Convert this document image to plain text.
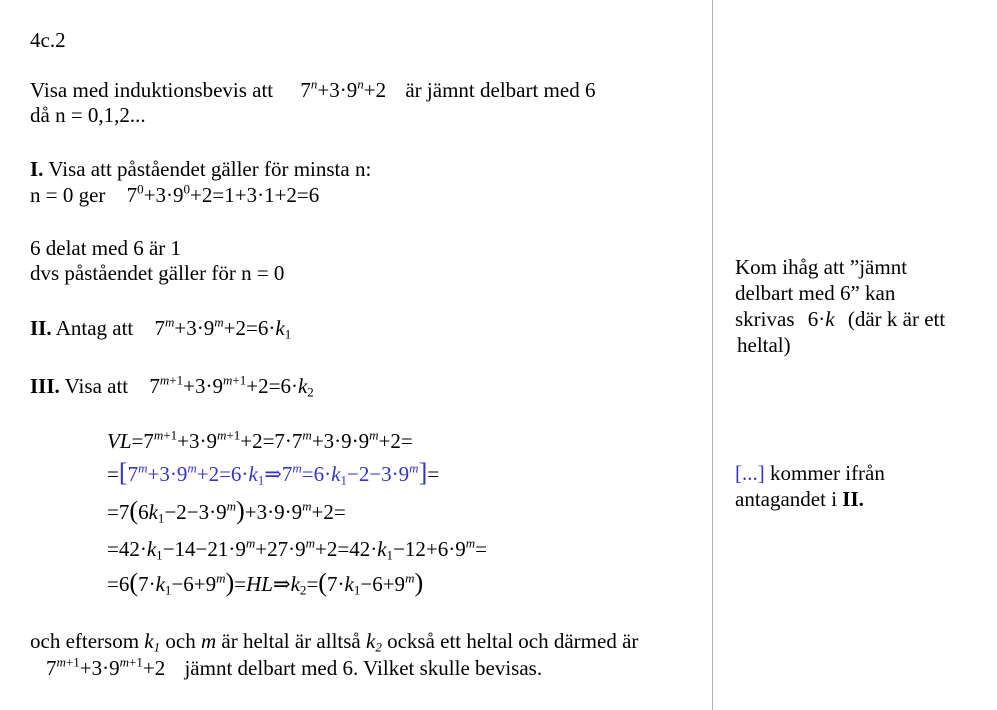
4c.2
Visa med induktionsbevis att $7^n+3\cdot 9^n+2$ är jämnt delbart med 6
då n = 0,1,2...
I. Visa att påståendet gäller för minsta n:
n = 0 ger $7^0+3\cdot 9^0+2=1+3\cdot 1+2=6$
6 delat med 6 är 1
dvs påståendet gäller för n = 0
II. Antag att $7^m+3\cdot 9^m+2=6\cdot k_1$
III. Visa att $7^{m+1}+3\cdot 9^{m+1}+2=6\cdot k_2$
$VL=7^{m+1}+3\cdot 9^{m+1}+2=7\cdot 7^m+3\cdot 9\cdot 9^m+2=$
$=[7^m+3\cdot 9^m+2=6\cdot k_1\Rightarrow 7^m=6\cdot k_1-2-3\cdot 9^m]=$
$=7(6k_1-2-3\cdot 9^m)+3\cdot 9\cdot 9^m+2=$
$=42\cdot k_1-14-21\cdot 9^m+27\cdot 9^m+2=42\cdot k_1-12+6\cdot 9^m=$
$=6(7\cdot k_1-6+9^m)=HL\Rightarrow k_2=(7\cdot k_1-6+9^m)$
och eftersom $k_1$ och m är heltal är alltså $k_2$ också ett heltal och därmed är
$7^{m+1}+3\cdot 9^{m+1}+2$ jämnt delbart med 6. Vilket skulle bevisas.
Kom ihåg att ”jämnt
delbart med 6” kan
skrivas 6·k (där k är ett
heltal)
[...] kommer ifrån
antagandet i II.
